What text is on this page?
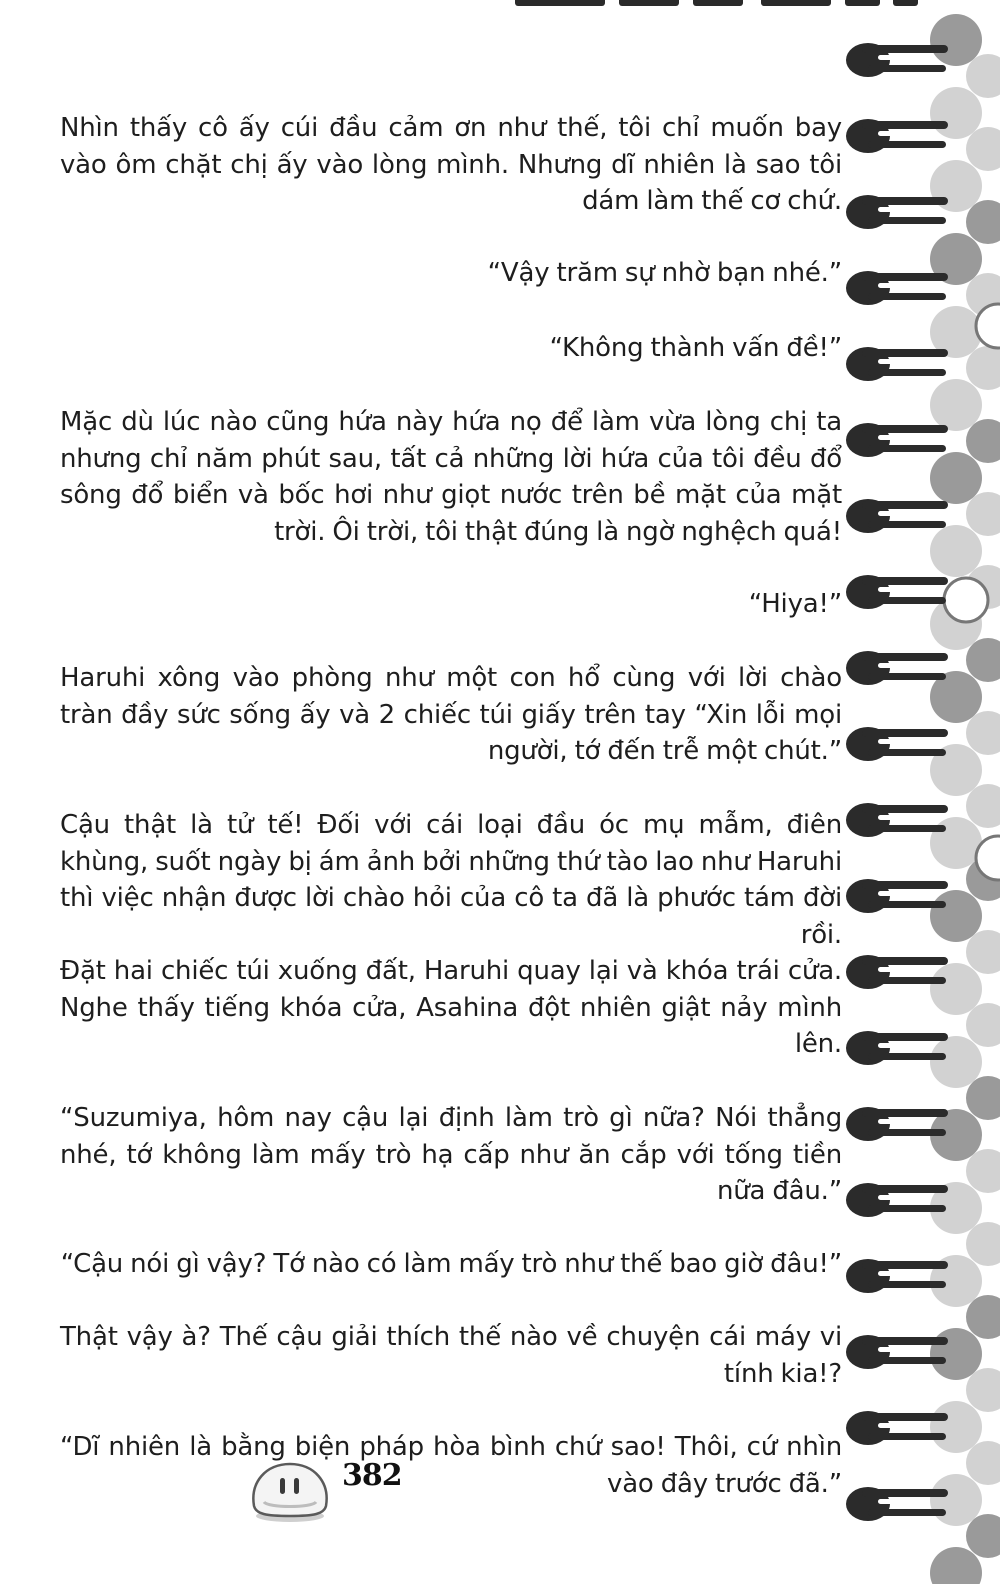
Nhìn thấy cô ấy cúi đầu cảm ơn như thế, tôi chỉ muốn bay vào ôm chặt chị ấy vào lòng mình. Nhưng dĩ nhiên là sao tôi dám làm thế cơ chứ.

“Vậy trăm sự nhờ bạn nhé.”

“Không thành vấn đề!”

Mặc dù lúc nào cũng hứa này hứa nọ để làm vừa lòng chị ta nhưng chỉ năm phút sau, tất cả những lời hứa của tôi đều đổ sông đổ biển và bốc hơi như giọt nước trên bề mặt của mặt trời. Ôi trời, tôi thật đúng là ngờ nghệch quá!

“Hiya!”

Haruhi xông vào phòng như một con hổ cùng với lời chào tràn đầy sức sống ấy và 2 chiếc túi giấy trên tay “Xin lỗi mọi người, tớ đến trễ một chút.”

Cậu thật là tử tế! Đối với cái loại đầu óc mụ mẫm, điên khùng, suốt ngày bị ám ảnh bởi những thứ tào lao như Haruhi thì việc nhận được lời chào hỏi của cô ta đã là phước tám đời rồi.

Đặt hai chiếc túi xuống đất, Haruhi quay lại và khóa trái cửa. Nghe thấy tiếng khóa cửa, Asahina đột nhiên giật nảy mình lên.

“Suzumiya, hôm nay cậu lại định làm trò gì nữa? Nói thẳng nhé, tớ không làm mấy trò hạ cấp như ăn cắp với tống tiền nữa đâu.”

“Cậu nói gì vậy? Tớ nào có làm mấy trò như thế bao giờ đâu!”

Thật vậy à? Thế cậu giải thích thế nào về chuyện cái máy vi tính kia!?

“Dĩ nhiên là bằng biện pháp hòa bình chứ sao! Thôi, cứ nhìn vào đây trước đã.”

382
